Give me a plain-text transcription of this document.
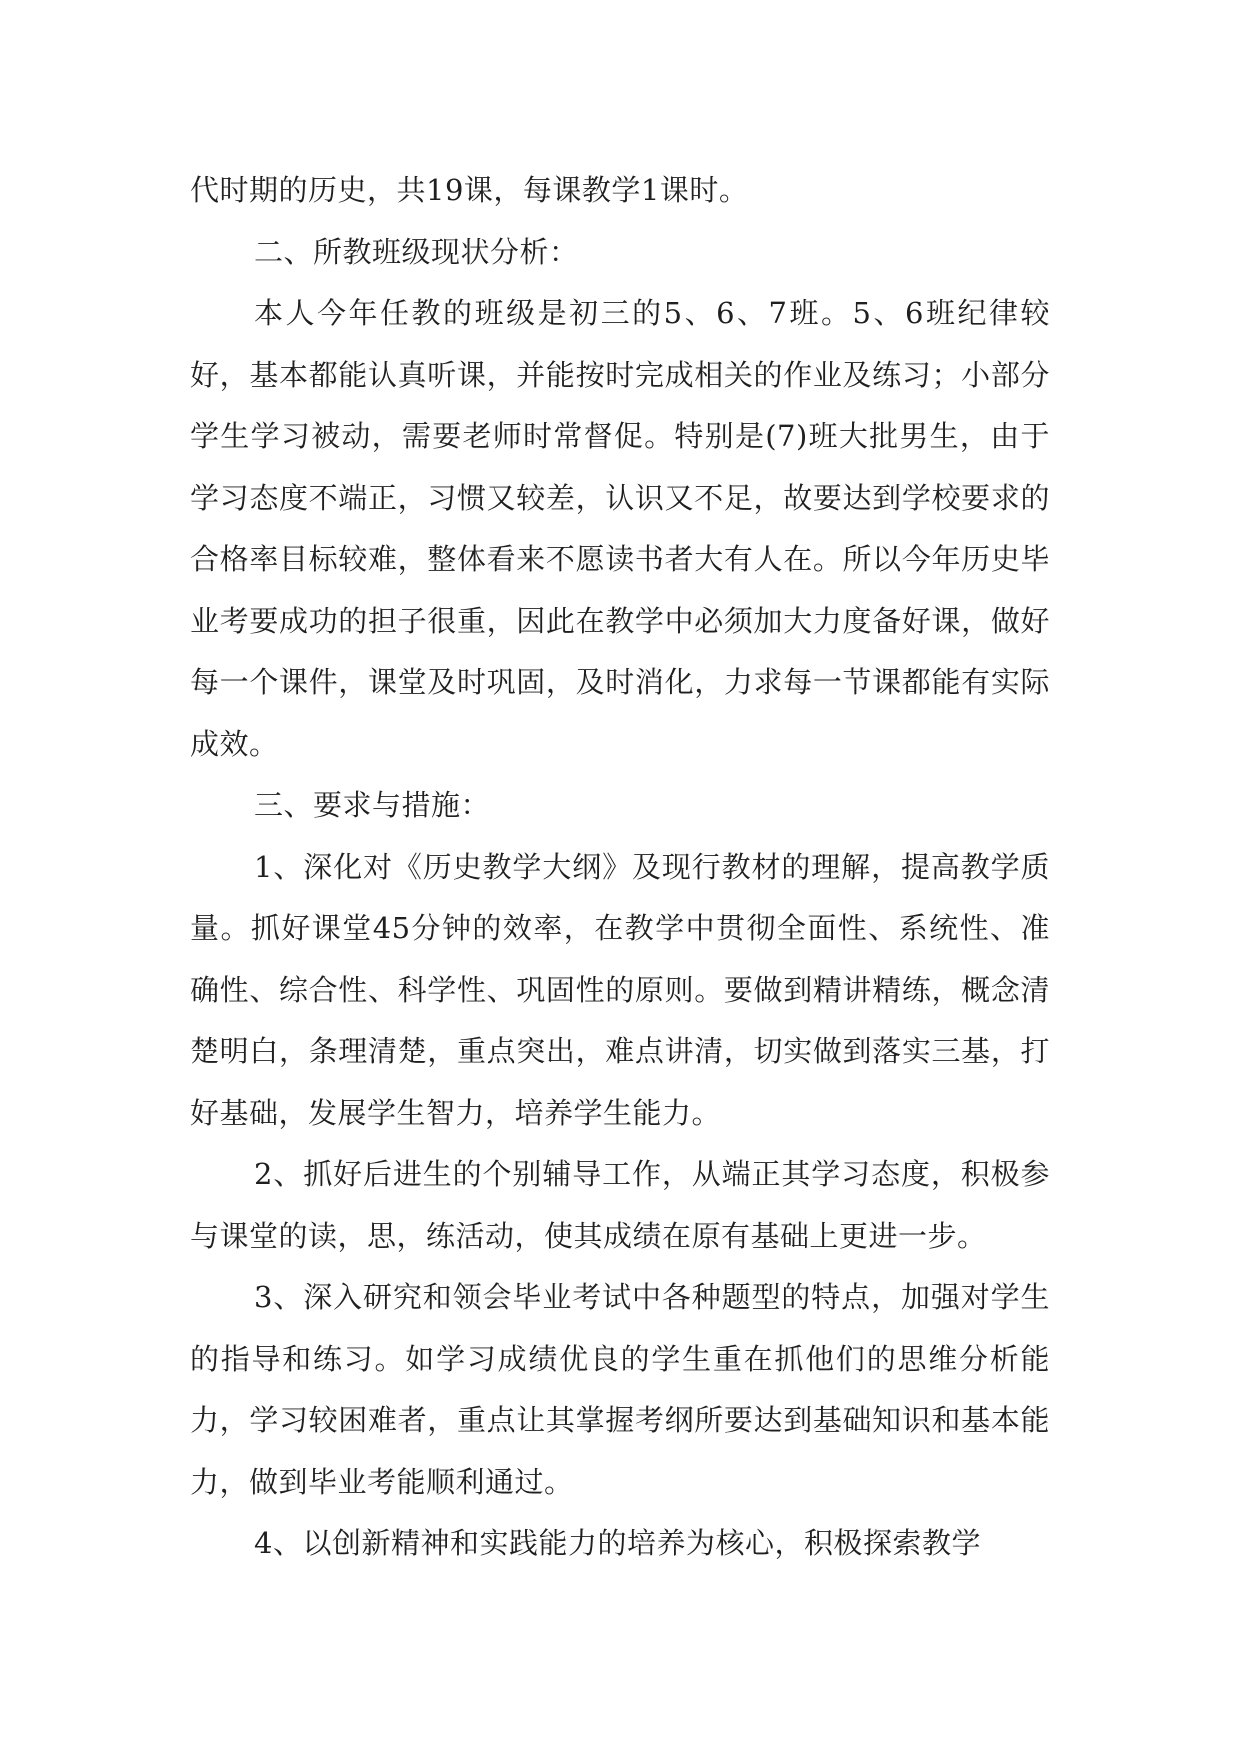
代时期的历史，共19课，每课教学1课时。

二、所教班级现状分析：

本人今年任教的班级是初三的5、6、7班。5、6班纪律较好，基本都能认真听课，并能按时完成相关的作业及练习；小部分学生学习被动，需要老师时常督促。特别是(7)班大批男生，由于学习态度不端正，习惯又较差，认识又不足，故要达到学校要求的合格率目标较难，整体看来不愿读书者大有人在。所以今年历史毕业考要成功的担子很重，因此在教学中必须加大力度备好课，做好每一个课件，课堂及时巩固，及时消化，力求每一节课都能有实际成效。

三、要求与措施：

1、深化对《历史教学大纲》及现行教材的理解，提高教学质量。抓好课堂45分钟的效率，在教学中贯彻全面性、系统性、准确性、综合性、科学性、巩固性的原则。要做到精讲精练，概念清楚明白，条理清楚，重点突出，难点讲清，切实做到落实三基，打好基础，发展学生智力，培养学生能力。

2、抓好后进生的个别辅导工作，从端正其学习态度，积极参与课堂的读，思，练活动，使其成绩在原有基础上更进一步。

3、深入研究和领会毕业考试中各种题型的特点，加强对学生的指导和练习。如学习成绩优良的学生重在抓他们的思维分析能力，学习较困难者，重点让其掌握考纲所要达到基础知识和基本能力，做到毕业考能顺利通过。

4、以创新精神和实践能力的培养为核心，积极探索教学
